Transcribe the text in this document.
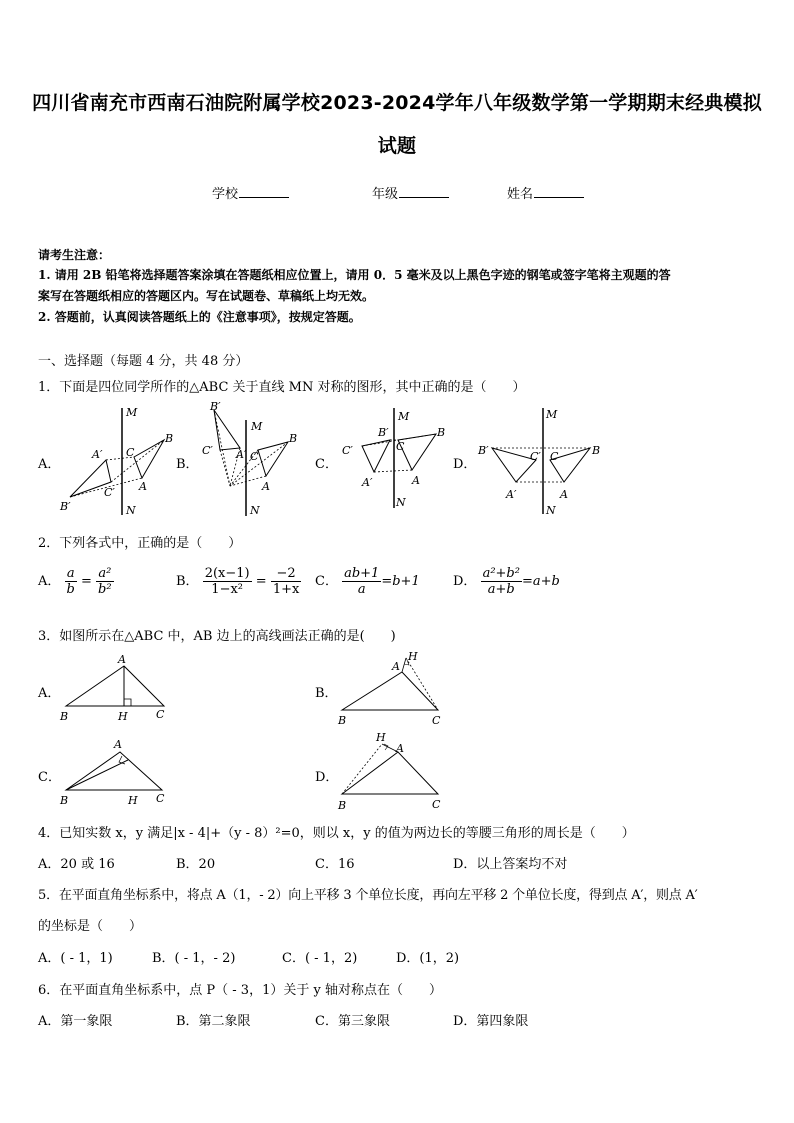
四川省南充市西南石油院附属学校2023-2024学年八年级数学第一学期期末经典模拟
试题
学校	年级	姓名
请考生注意：
1. 请用 2B 铅笔将选择题答案涂填在答题纸相应位置上，请用 0．5 毫米及以上黑色字迹的钢笔或签字笔将主观题的答
案写在答题纸相应的答题区内。写在试题卷、草稿纸上均无效。
2. 答题前，认真阅读答题纸上的《注意事项》，按规定答题。
一、选择题（每题 4 分，共 48 分）
1．下面是四位同学所作的△ABC 关于直线 MN 对称的图形，其中正确的是（　　）
A．	B．	C．	D．
M
N
A′
C′
B′
C
B
A
B′
C′ A′
M
C
B
A
N
M
B′
C′	C
B
A′	A
N
M
B′	C′ C	B
A′	A
N
2．下列各式中，正确的是（　　）
A． $\frac{a}{b} = \frac{\text{a²}}{\text{b²}}$	B． $\frac{2(x-1)}{\text{1−x²}} = \frac{-2}{1+x}$ C． $\frac{ab+1}{a} =b+1$	D． $\frac{\text{a²+b²}}{a+b} =a+b$
3．如图所示在△ABC 中，AB 边上的高线画法正确的是(　　)
A．	B．
C．	D．
A
B	H	C
A
H
B	C
A
B	H C
H
A
B	C
4．已知实数 x，y 满足|x - 4|+（y - 8）²=0，则以 x，y 的值为两边长的等腰三角形的周长是（　　）
A．20 或 16	B．20	C．16	D．以上答案均不对
5．在平面直角坐标系中，将点 A（1，- 2）向上平移 3 个单位长度，再向左平移 2 个单位长度，得到点 A′，则点 A′
的坐标是（　　）
A．( - 1，1)	B．( - 1，- 2)	C．( - 1，2)	D．(1，2)
6．在平面直角坐标系中，点 P（ - 3，1）关于 y 轴对称点在（　　）
A．第一象限	B．第二象限	C．第三象限	D．第四象限
